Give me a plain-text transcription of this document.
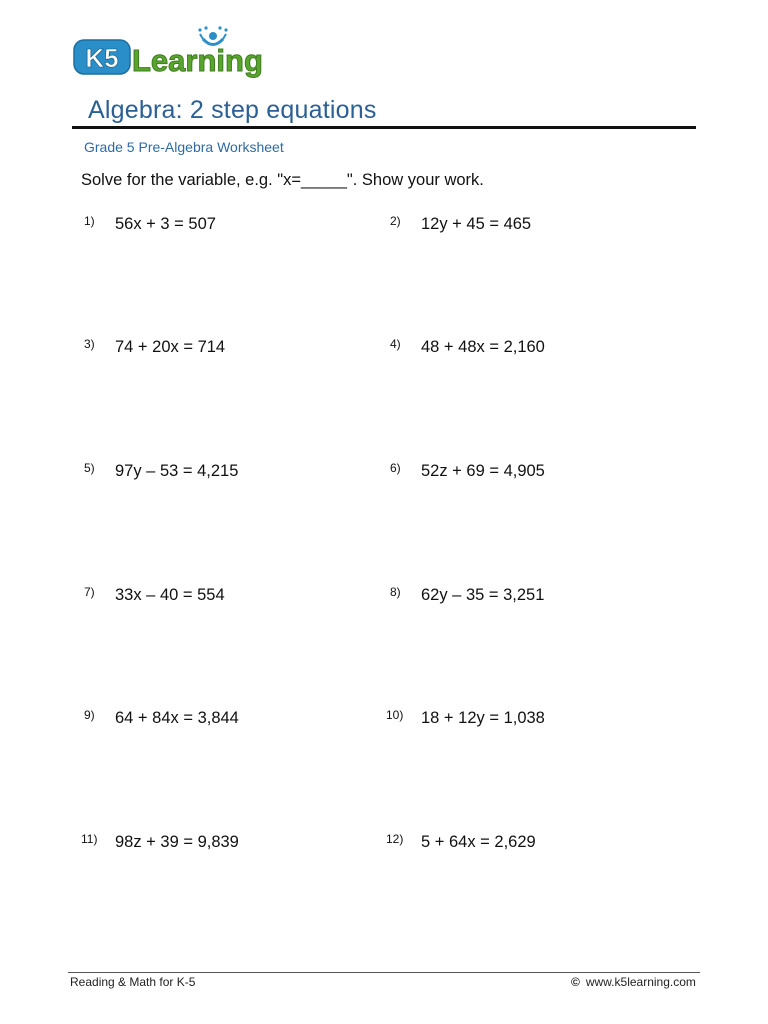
K5 Learning
Algebra: 2 step equations
Grade 5 Pre-Algebra Worksheet
Solve for the variable, e.g. "x=_____". Show your work.
1) 56x + 3 = 507	2) 12y + 45 = 465
3) 74 + 20x = 714	4) 48 + 48x = 2,160
5) 97y – 53 = 4,215	6) 52z + 69 = 4,905
7) 33x – 40 = 554	8) 62y – 35 = 3,251
9) 64 + 84x = 3,844	10) 18 + 12y = 1,038
11) 98z + 39 = 9,839	12) 5 + 64x = 2,629
Reading & Math for K-5	© www.k5learning.com
